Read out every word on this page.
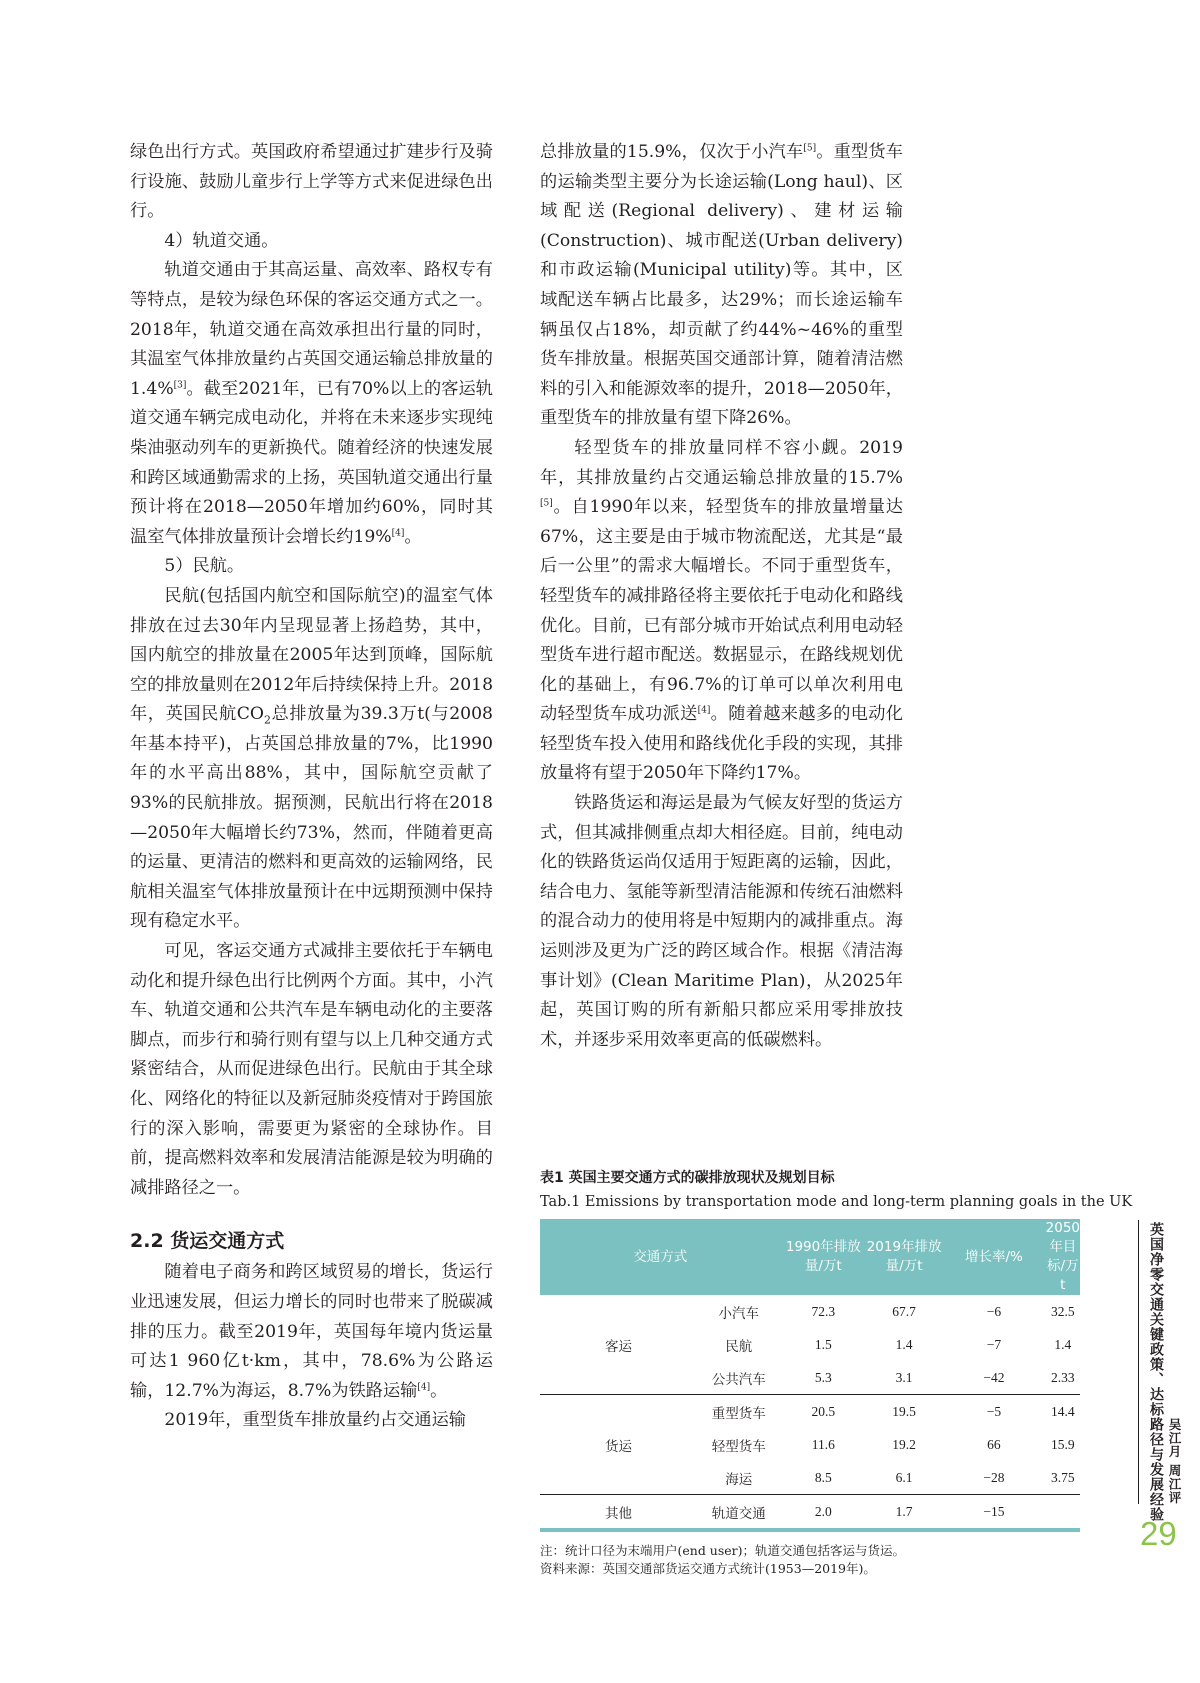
绿色出行方式。英国政府希望通过扩建步行及骑行设施、鼓励儿童步行上学等方式来促进绿色出行。

4）轨道交通。

轨道交通由于其高运量、高效率、路权专有等特点，是较为绿色环保的客运交通方式之一。2018年，轨道交通在高效承担出行量的同时，其温室气体排放量约占英国交通运输总排放量的1.4%[3]。截至2021年，已有70%以上的客运轨道交通车辆完成电动化，并将在未来逐步实现纯柴油驱动列车的更新换代。随着经济的快速发展和跨区域通勤需求的上扬，英国轨道交通出行量预计将在2018—2050年增加约60%，同时其温室气体排放量预计会增长约19%[4]。

5）民航。

民航(包括国内航空和国际航空)的温室气体排放在过去30年内呈现显著上扬趋势，其中，国内航空的排放量在2005年达到顶峰，国际航空的排放量则在2012年后持续保持上升。2018年，英国民航$CO_2$总排放量为39.3万t(与2008年基本持平)，占英国总排放量的7%，比1990年的水平高出88%，其中，国际航空贡献了93%的民航排放。据预测，民航出行将在2018—2050年大幅增长约73%，然而，伴随着更高的运量、更清洁的燃料和更高效的运输网络，民航相关温室气体排放量预计在中远期预测中保持现有稳定水平。

可见，客运交通方式减排主要依托于车辆电动化和提升绿色出行比例两个方面。其中，小汽车、轨道交通和公共汽车是车辆电动化的主要落脚点，而步行和骑行则有望与以上几种交通方式紧密结合，从而促进绿色出行。民航由于其全球化、网络化的特征以及新冠肺炎疫情对于跨国旅行的深入影响，需要更为紧密的全球协作。目前，提高燃料效率和发展清洁能源是较为明确的减排路径之一。

2.2 货运交通方式

随着电子商务和跨区域贸易的增长，货运行业迅速发展，但运力增长的同时也带来了脱碳减排的压力。截至2019年，英国每年境内货运量可达1 960亿t·km，其中，78.6%为公路运输，12.7%为海运，8.7%为铁路运输[4]。

2019年，重型货车排放量约占交通运输

总排放量的15.9%，仅次于小汽车[5]。重型货车的运输类型主要分为长途运输(Long haul)、区域配送(Regional delivery)、建材运输(Construction)、城市配送(Urban delivery)和市政运输(Municipal utility)等。其中，区域配送车辆占比最多，达29%；而长途运输车辆虽仅占18%，却贡献了约44%~46%的重型货车排放量。根据英国交通部计算，随着清洁燃料的引入和能源效率的提升，2018—2050年，重型货车的排放量有望下降26%。

轻型货车的排放量同样不容小觑。2019年，其排放量约占交通运输总排放量的15.7%[5]。自1990年以来，轻型货车的排放量增量达67%，这主要是由于城市物流配送，尤其是“最后一公里”的需求大幅增长。不同于重型货车，轻型货车的减排路径将主要依托于电动化和路线优化。目前，已有部分城市开始试点利用电动轻型货车进行超市配送。数据显示，在路线规划优化的基础上，有96.7%的订单可以单次利用电动轻型货车成功派送[4]。随着越来越多的电动化轻型货车投入使用和路线优化手段的实现，其排放量将有望于2050年下降约17%。

铁路货运和海运是最为气候友好型的货运方式，但其减排侧重点却大相径庭。目前，纯电动化的铁路货运尚仅适用于短距离的运输，因此，结合电力、氢能等新型清洁能源和传统石油燃料的混合动力的使用将是中短期内的减排重点。海运则涉及更为广泛的跨区域合作。根据《清洁海事计划》(Clean Maritime Plan)，从2025年起，英国订购的所有新船只都应采用零排放技术，并逐步采用效率更高的低碳燃料。

表1 英国主要交通方式的碳排放现状及规划目标

Tab.1 Emissions by transportation mode and long-term planning goals in the UK

交通方式		1990年排放量/万t	2019年排放量/万t	增长率/%	2050年目标/万t
客运	小汽车	72.3	67.7	−6	32.5
	民航	1.5	1.4	−7	1.4
	公共汽车	5.3	3.1	−42	2.33
货运	重型货车	20.5	19.5	−5	14.4
	轻型货车	11.6	19.2	66	15.9
	海运	8.5	6.1	−28	3.75
其他	轨道交通	2.0	1.7	−15	
注：统计口径为末端用户(end user)；轨道交通包括客运与货运。
资料来源：英国交通部货运交通方式统计(1953—2019年)。
英国净零交通关键政策、达标路径与发展经验 吴江月 周江评
29
